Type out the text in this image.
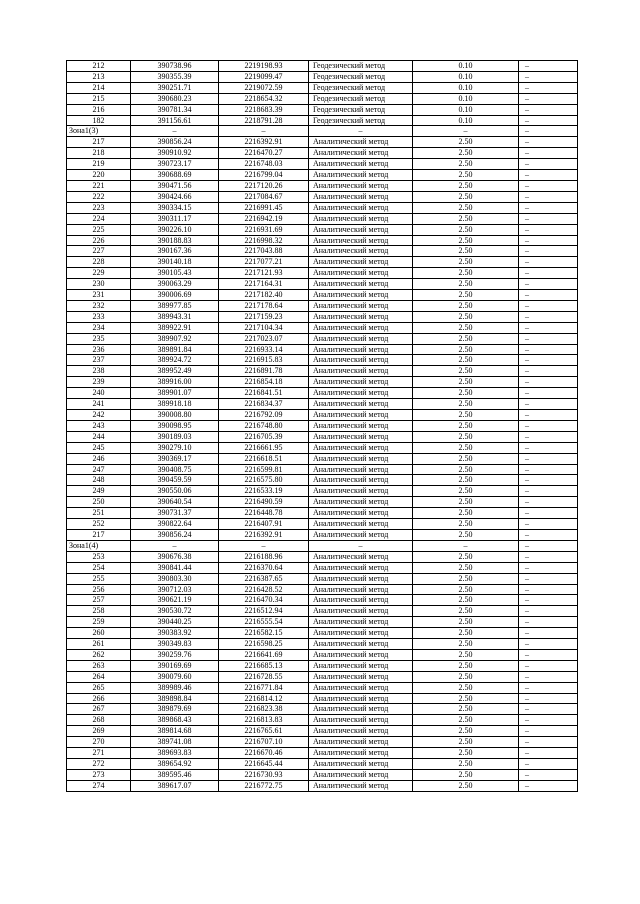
212	390738.96	2219198.93	Геодезический метод	0.10	–
213	390355.39	2219099.47	Геодезический метод	0.10	–
214	390251.71	2219072.59	Геодезический метод	0.10	–
215	390680.23	2218654.32	Геодезический метод	0.10	–
216	390781.34	2218683.39	Геодезический метод	0.10	–
182	391156.61	2218791.28	Геодезический метод	0.10	–
Зона1(3)	–	–	–	–	–
217	390856.24	2216392.91	Аналитический метод	2.50	–
218	390910.92	2216470.27	Аналитический метод	2.50	–
219	390723.17	2216748.03	Аналитический метод	2.50	–
220	390688.69	2216799.04	Аналитический метод	2.50	–
221	390471.56	2217120.26	Аналитический метод	2.50	–
222	390424.66	2217084.67	Аналитический метод	2.50	–
223	390334.15	2216991.45	Аналитический метод	2.50	–
224	390311.17	2216942.19	Аналитический метод	2.50	–
225	390226.10	2216931.69	Аналитический метод	2.50	–
226	390188.83	2216998.32	Аналитический метод	2.50	–
227	390167.36	2217043.88	Аналитический метод	2.50	–
228	390140.18	2217077.21	Аналитический метод	2.50	–
229	390105.43	2217121.93	Аналитический метод	2.50	–
230	390063.29	2217164.31	Аналитический метод	2.50	–
231	390006.69	2217182.40	Аналитический метод	2.50	–
232	389977.85	2217178.64	Аналитический метод	2.50	–
233	389943.31	2217159.23	Аналитический метод	2.50	–
234	389922.91	2217104.34	Аналитический метод	2.50	–
235	389907.92	2217023.07	Аналитический метод	2.50	–
236	389891.84	2216933.14	Аналитический метод	2.50	–
237	389924.72	2216915.83	Аналитический метод	2.50	–
238	389952.49	2216891.78	Аналитический метод	2.50	–
239	389916.00	2216854.18	Аналитический метод	2.50	–
240	389901.07	2216841.51	Аналитический метод	2.50	–
241	389918.18	2216834.37	Аналитический метод	2.50	–
242	390008.80	2216792.09	Аналитический метод	2.50	–
243	390098.95	2216748.80	Аналитический метод	2.50	–
244	390189.03	2216705.39	Аналитический метод	2.50	–
245	390279.10	2216661.95	Аналитический метод	2.50	–
246	390369.17	2216618.51	Аналитический метод	2.50	–
247	390408.75	2216599.81	Аналитический метод	2.50	–
248	390459.59	2216575.80	Аналитический метод	2.50	–
249	390550.06	2216533.19	Аналитический метод	2.50	–
250	390640.54	2216490.59	Аналитический метод	2.50	–
251	390731.37	2216448.78	Аналитический метод	2.50	–
252	390822.64	2216407.91	Аналитический метод	2.50	–
217	390856.24	2216392.91	Аналитический метод	2.50	–
Зона1(4)	–	–	–	–	–
253	390676.38	2216188.96	Аналитический метод	2.50	–
254	390841.44	2216370.64	Аналитический метод	2.50	–
255	390803.30	2216387.65	Аналитический метод	2.50	–
256	390712.03	2216428.52	Аналитический метод	2.50	–
257	390621.19	2216470.34	Аналитический метод	2.50	–
258	390530.72	2216512.94	Аналитический метод	2.50	–
259	390440.25	2216555.54	Аналитический метод	2.50	–
260	390383.92	2216582.15	Аналитический метод	2.50	–
261	390349.83	2216598.25	Аналитический метод	2.50	–
262	390259.76	2216641.69	Аналитический метод	2.50	–
263	390169.69	2216685.13	Аналитический метод	2.50	–
264	390079.60	2216728.55	Аналитический метод	2.50	–
265	389989.46	2216771.84	Аналитический метод	2.50	–
266	389898.84	2216814.12	Аналитический метод	2.50	–
267	389879.69	2216823.38	Аналитический метод	2.50	–
268	389868.43	2216813.83	Аналитический метод	2.50	–
269	389814.68	2216765.61	Аналитический метод	2.50	–
270	389741.08	2216707.10	Аналитический метод	2.50	–
271	389693.83	2216670.46	Аналитический метод	2.50	–
272	389654.92	2216645.44	Аналитический метод	2.50	–
273	389595.46	2216730.93	Аналитический метод	2.50	–
274	389617.07	2216772.75	Аналитический метод	2.50	–
